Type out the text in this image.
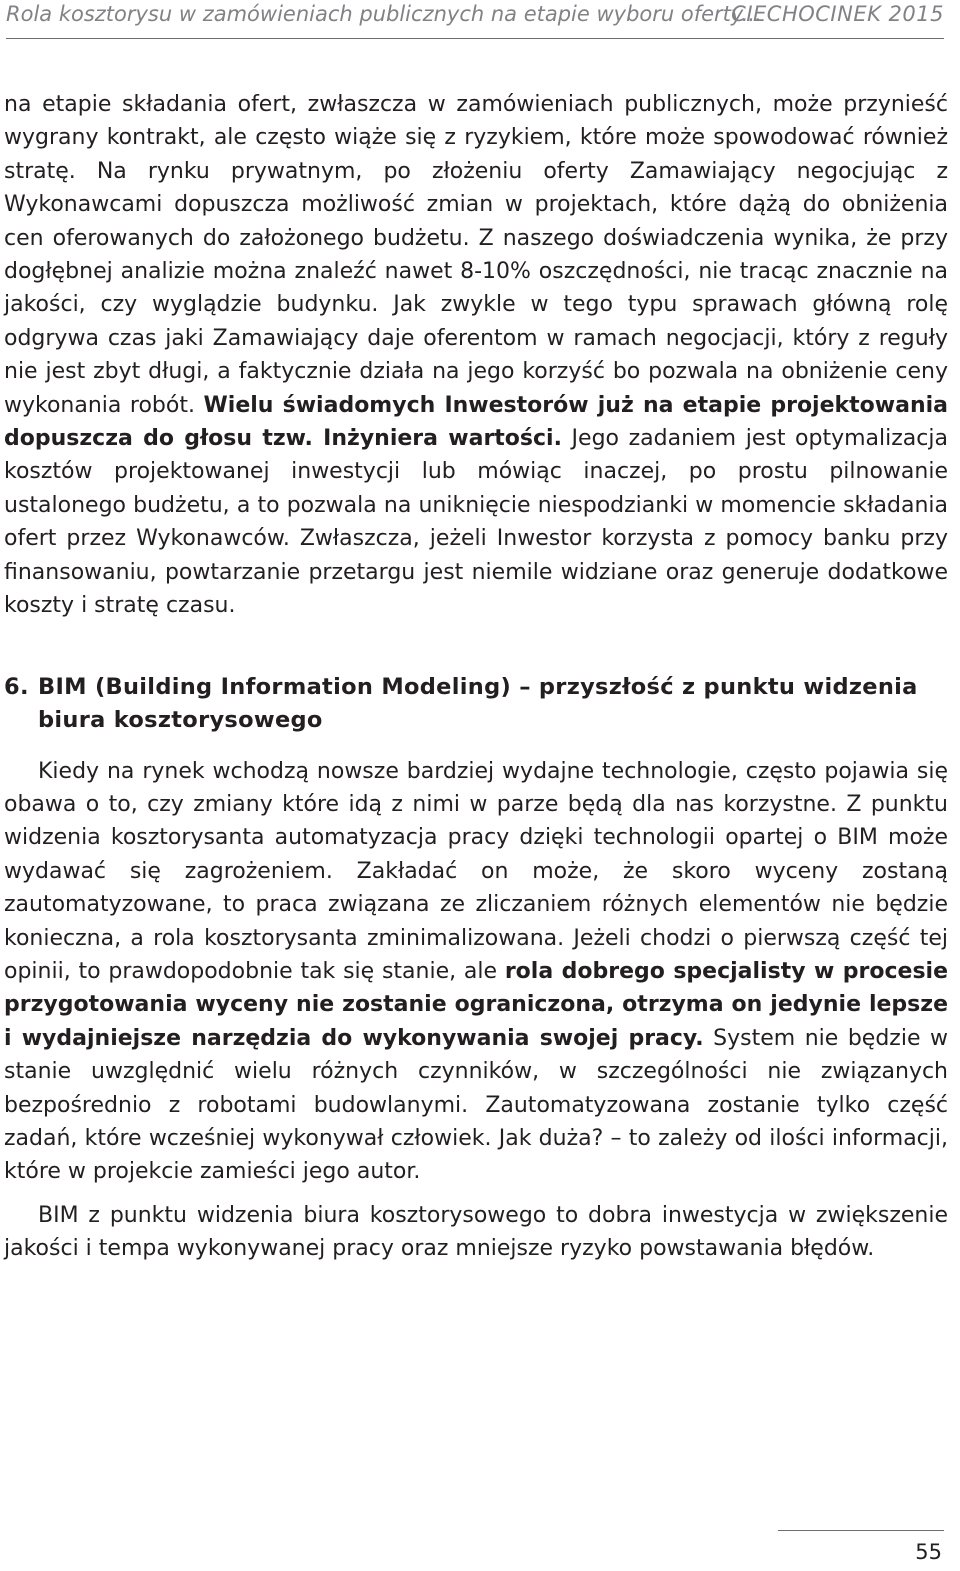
Rola kosztorysu w zamówieniach publicznych na etapie wyboru oferty...
CIECHOCINEK 2015

na etapie składania ofert, zwłaszcza w zamówieniach publicznych, może przynieść wygrany kontrakt, ale często wiąże się z ryzykiem, które może spowodować również stratę. Na rynku prywatnym, po złożeniu oferty Zamawiający negocjując z Wykonawcami dopuszcza możliwość zmian w projektach, które dążą do obniżenia cen oferowanych do założonego budżetu. Z naszego doświadczenia wynika, że przy dogłębnej analizie można znaleźć nawet 8-10% oszczędności, nie tracąc znacznie na jakości, czy wyglądzie budynku. Jak zwykle w tego typu sprawach główną rolę odgrywa czas jaki Zamawiający daje oferentom w ramach negocjacji, który z reguły nie jest zbyt długi, a faktycznie działa na jego korzyść bo pozwala na obniżenie ceny wykonania robót. Wielu świadomych Inwestorów już na etapie projektowania dopuszcza do głosu tzw. Inżyniera wartości. Jego zadaniem jest optymalizacja kosztów projektowanej inwestycji lub mówiąc inaczej, po prostu pilnowanie ustalonego budżetu, a to pozwala na uniknięcie niespodzianki w momencie składania ofert przez Wykonawców. Zwłaszcza, jeżeli Inwestor korzysta z pomocy banku przy finansowaniu, powtarzanie przetargu jest niemile widziane oraz generuje dodatkowe koszty i stratę czasu.

6. BIM (Building Information Modeling) – przyszłość z punktu widzenia biura kosztorysowego

Kiedy na rynek wchodzą nowsze bardziej wydajne technologie, często pojawia się obawa o to, czy zmiany które idą z nimi w parze będą dla nas korzystne. Z punktu widzenia kosztorysanta automatyzacja pracy dzięki technologii opartej o BIM może wydawać się zagrożeniem. Zakładać on może, że skoro wyceny zostaną zautomatyzowane, to praca związana ze zliczaniem różnych elementów nie będzie konieczna, a rola kosztorysanta zminimalizowana. Jeżeli chodzi o pierwszą część tej opinii, to prawdopodobnie tak się stanie, ale rola dobrego specjalisty w procesie przygotowania wyceny nie zostanie ograniczona, otrzyma on jedynie lepsze i wydajniejsze narzędzia do wykonywania swojej pracy. System nie będzie w stanie uwzględnić wielu różnych czynników, w szczególności nie związanych bezpośrednio z robotami budowlanymi. Zautomatyzowana zostanie tylko część zadań, które wcześniej wykonywał człowiek. Jak duża? – to zależy od ilości informacji, które w projekcie zamieści jego autor.

BIM z punktu widzenia biura kosztorysowego to dobra inwestycja w zwiększenie jakości i tempa wykonywanej pracy oraz mniejsze ryzyko powstawania błędów.

55
